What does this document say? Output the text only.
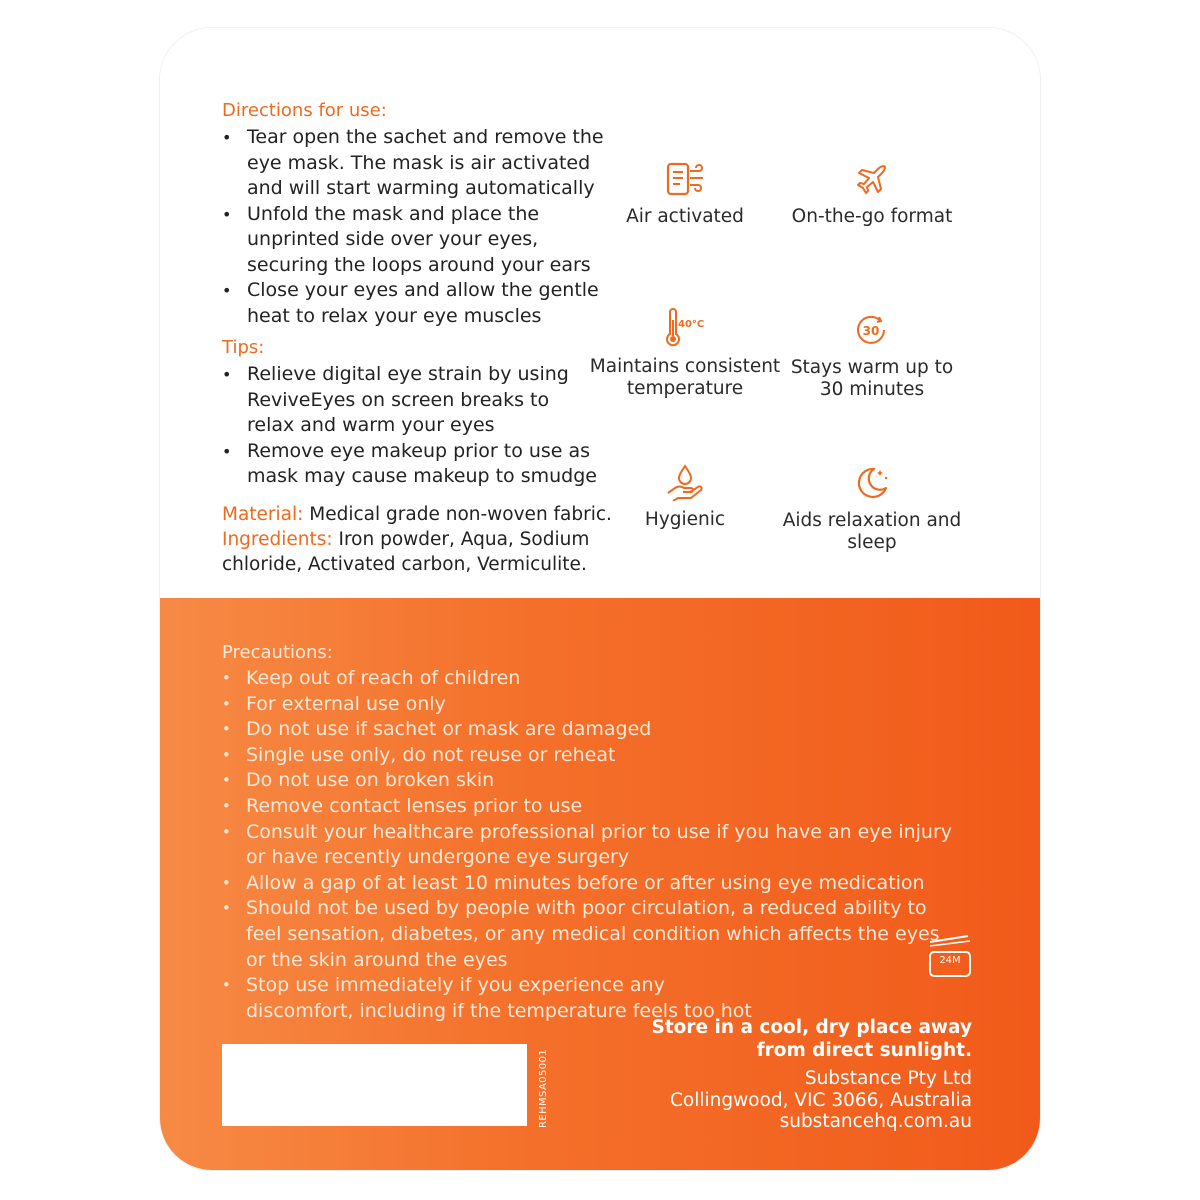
Directions for use:
• Tear open the sachet and remove the eye mask. The mask is air activated and will start warming automatically
• Unfold the mask and place the unprinted side over your eyes, securing the loops around your ears
• Close your eyes and allow the gentle heat to relax your eye muscles
Tips:
• Relieve digital eye strain by using ReviveEyes on screen breaks to relax and warm your eyes
• Remove eye makeup prior to use as mask may cause makeup to smudge
Material: Medical grade non-woven fabric.
Ingredients: Iron powder, Aqua, Sodium chloride, Activated carbon, Vermiculite.
Air activated	On-the-go format
40°C
Maintains consistent temperature
30
Stays warm up to 30 minutes
Hygienic	Aids relaxation and sleep
Precautions:
• Keep out of reach of children
• For external use only
• Do not use if sachet or mask are damaged
• Single use only, do not reuse or reheat
• Do not use on broken skin
• Remove contact lenses prior to use
• Consult your healthcare professional prior to use if you have an eye injury or have recently undergone eye surgery
• Allow a gap of at least 10 minutes before or after using eye medication
• Should not be used by people with poor circulation, a reduced ability to feel sensation, diabetes, or any medical condition which affects the eyes or the skin around the eyes
• Stop use immediately if you experience any discomfort, including if the temperature feels too hot
24M
Store in a cool, dry place away
from direct sunlight.
Substance Pty Ltd
Collingwood, VIC 3066, Australia
substancehq.com.au
REHMSA05001
